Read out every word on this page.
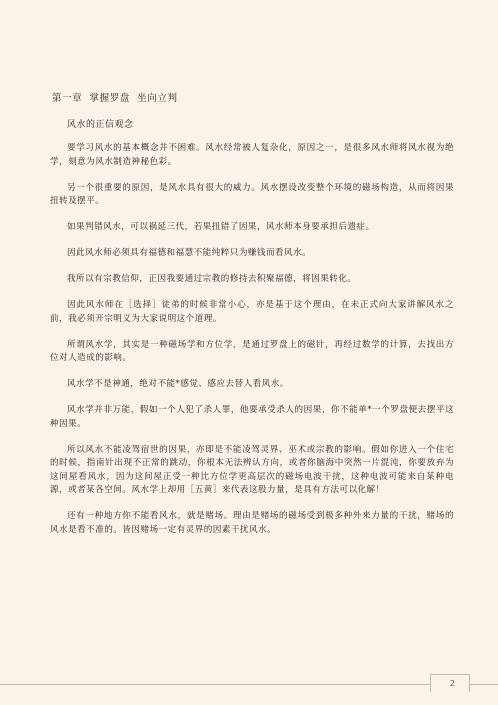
第一章  掌握罗盘  坐向立判
风水的正信观念

要学习风水的基本概念并不困难。风水经常被人复杂化，原因之一，是很多风水师将风水视为绝学，刻意为风水制造神秘色彩。

另一个很重要的原因，是风水具有很大的威力。风水摆设改变整个环境的磁场构造，从而将因果扭转及摆平。

如果判错风水，可以祸延三代，若果扭错了因果，风水师本身要承担后遗症。

因此风水师必须具有福德和福慧不能纯粹只为赚钱而看风水。

我所以有宗教信仰，正因我要通过宗教的修持去积聚福德，将因果转化。

因此风水师在［选择］徒弟的时候非常小心，亦是基于这个理由，在未正式向大家讲解风水之前，我必须开宗明义为大家说明这个道理。

所谓风水学，其实是一种磁场学和方位学，是通过罗盘上的磁针，再经过数学的计算，去找出方位对人造成的影响。

风水学不是神通，绝对不能*感觉、感应去替人看风水。

风水学并非万能，假如一个人犯了杀人罪，他要承受杀人的因果，你不能单*一个罗盘便去摆平这种因果。

所以风水不能凌驾宿世的因果，亦即是不能凌驾灵界、巫术或宗教的影响。假如你进入一个住宅的时候，指南针出现不正常的跳动，你根本无法辨认方向，或者你脑海中突然一片混沌，你要放弃为这间屋看风水，因为这间屋正受一种比方位学更高层次的磁场电波干扰，这种电波可能来自某种电源，或者某各空间。风水学上却用［五黄］来代表这股力量，是具有方法可以化解！

还有一种地方你不能看风水，就是赌场。理由是赌场的磁场受到极多种外来力量的干扰，赌场的风水是看不准的。皆因赌场一定有灵界的因素干扰风水。

2
